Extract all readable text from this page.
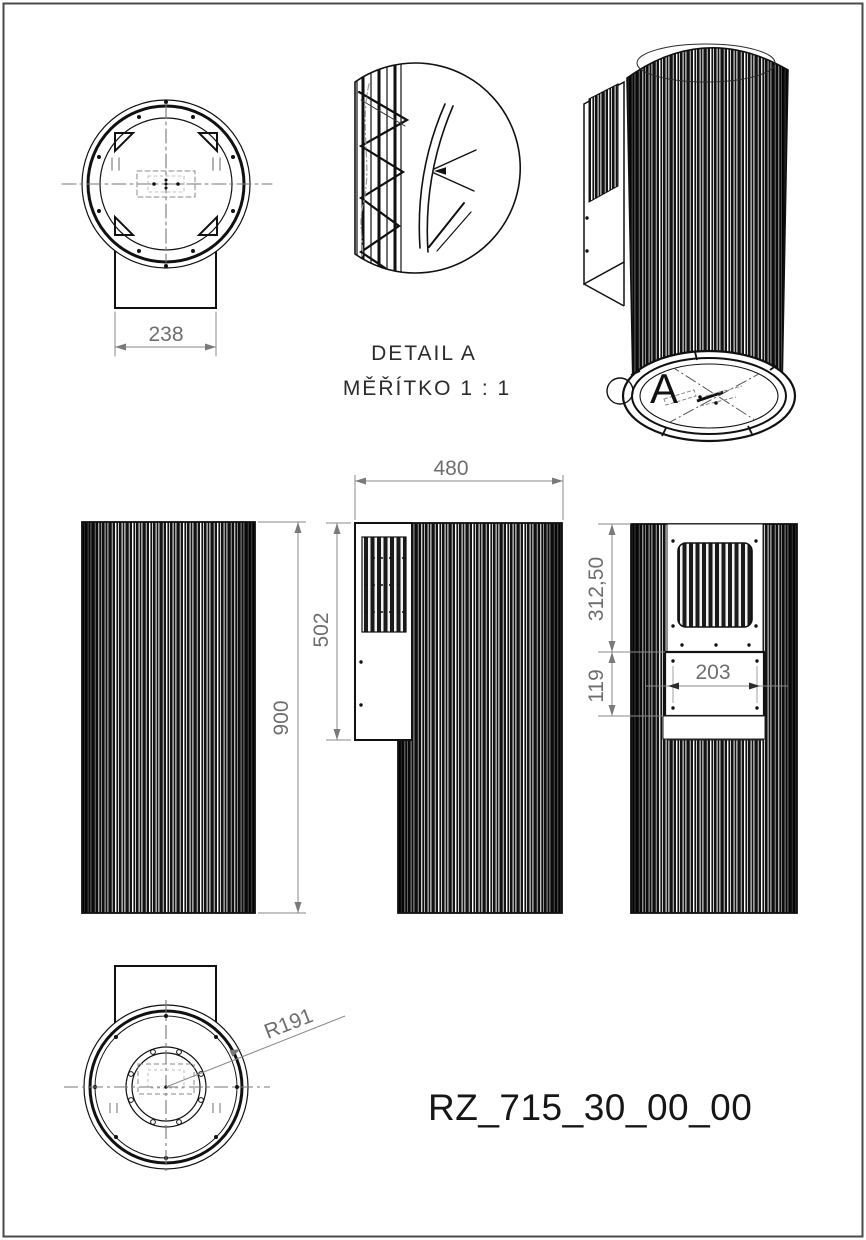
238
DETAIL A
MĚŘÍTKO 1 : 1	A
900
480
502
203
312,50
119
R191
RZ_715_30_00_00
